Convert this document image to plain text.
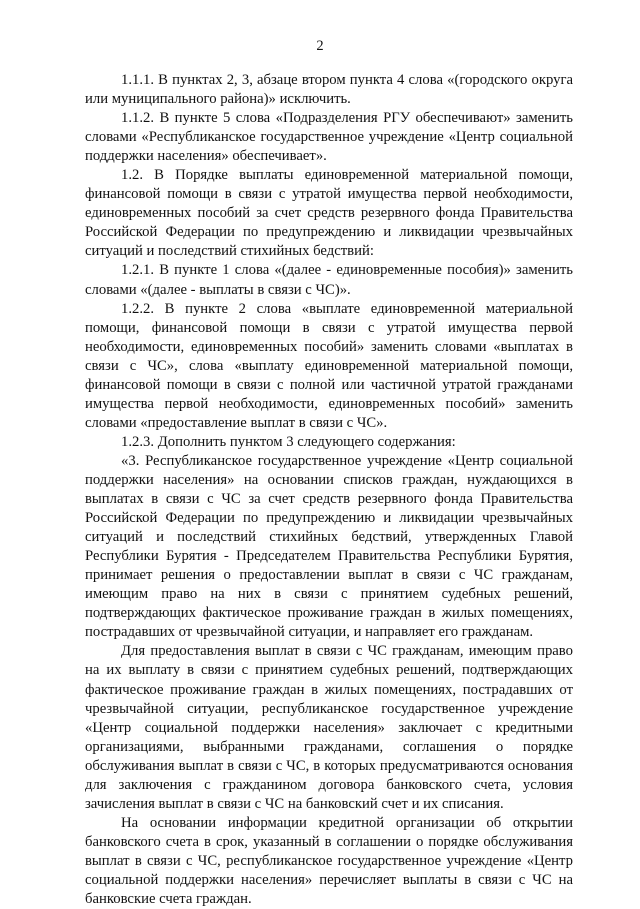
2

1.1.1. В пунктах 2, 3, абзаце втором пункта 4 слова «(городского округа или муниципального района)» исключить.

1.1.2. В пункте 5 слова «Подразделения РГУ обеспечивают» заменить словами «Республиканское государственное учреждение «Центр социальной поддержки населения» обеспечивает».

1.2. В Порядке выплаты единовременной материальной помощи, финансовой помощи в связи с утратой имущества первой необходимости, единовременных пособий за счет средств резервного фонда Правительства Российской Федерации по предупреждению и ликвидации чрезвычайных ситуаций и последствий стихийных бедствий:

1.2.1. В пункте 1 слова «(далее - единовременные пособия)» заменить словами «(далее - выплаты в связи с ЧС)».

1.2.2. В пункте 2 слова «выплате единовременной материальной помощи, финансовой помощи в связи с утратой имущества первой необходимости, единовременных пособий» заменить словами «выплатах в связи с ЧС», слова «выплату единовременной материальной помощи, финансовой помощи в связи с полной или частичной утратой гражданами имущества первой необходимости, единовременных пособий» заменить словами «предоставление выплат в связи с ЧС».

1.2.3. Дополнить пунктом 3 следующего содержания:

«3. Республиканское государственное учреждение «Центр социальной поддержки населения» на основании списков граждан, нуждающихся в выплатах в связи с ЧС за счет средств резервного фонда Правительства Российской Федерации по предупреждению и ликвидации чрезвычайных ситуаций и последствий стихийных бедствий, утвержденных Главой Республики Бурятия - Председателем Правительства Республики Бурятия, принимает решения о предоставлении выплат в связи с ЧС гражданам, имеющим право на них в связи с принятием судебных решений, подтверждающих фактическое проживание граждан в жилых помещениях, пострадавших от чрезвычайной ситуации, и направляет его гражданам.

Для предоставления выплат в связи с ЧС гражданам, имеющим право на их выплату в связи с принятием судебных решений, подтверждающих фактическое проживание граждан в жилых помещениях, пострадавших от чрезвычайной ситуации, республиканское государственное учреждение «Центр социальной поддержки населения» заключает с кредитными организациями, выбранными гражданами, соглашения о порядке обслуживания выплат в связи с ЧС, в которых предусматриваются основания для заключения с гражданином договора банковского счета, условия зачисления выплат в связи с ЧС на банковский счет и их списания.

На основании информации кредитной организации об открытии банковского счета в срок, указанный в соглашении о порядке обслуживания выплат в связи с ЧС, республиканское государственное учреждение «Центр социальной поддержки населения» перечисляет выплаты в связи с ЧС на банковские счета граждан.
